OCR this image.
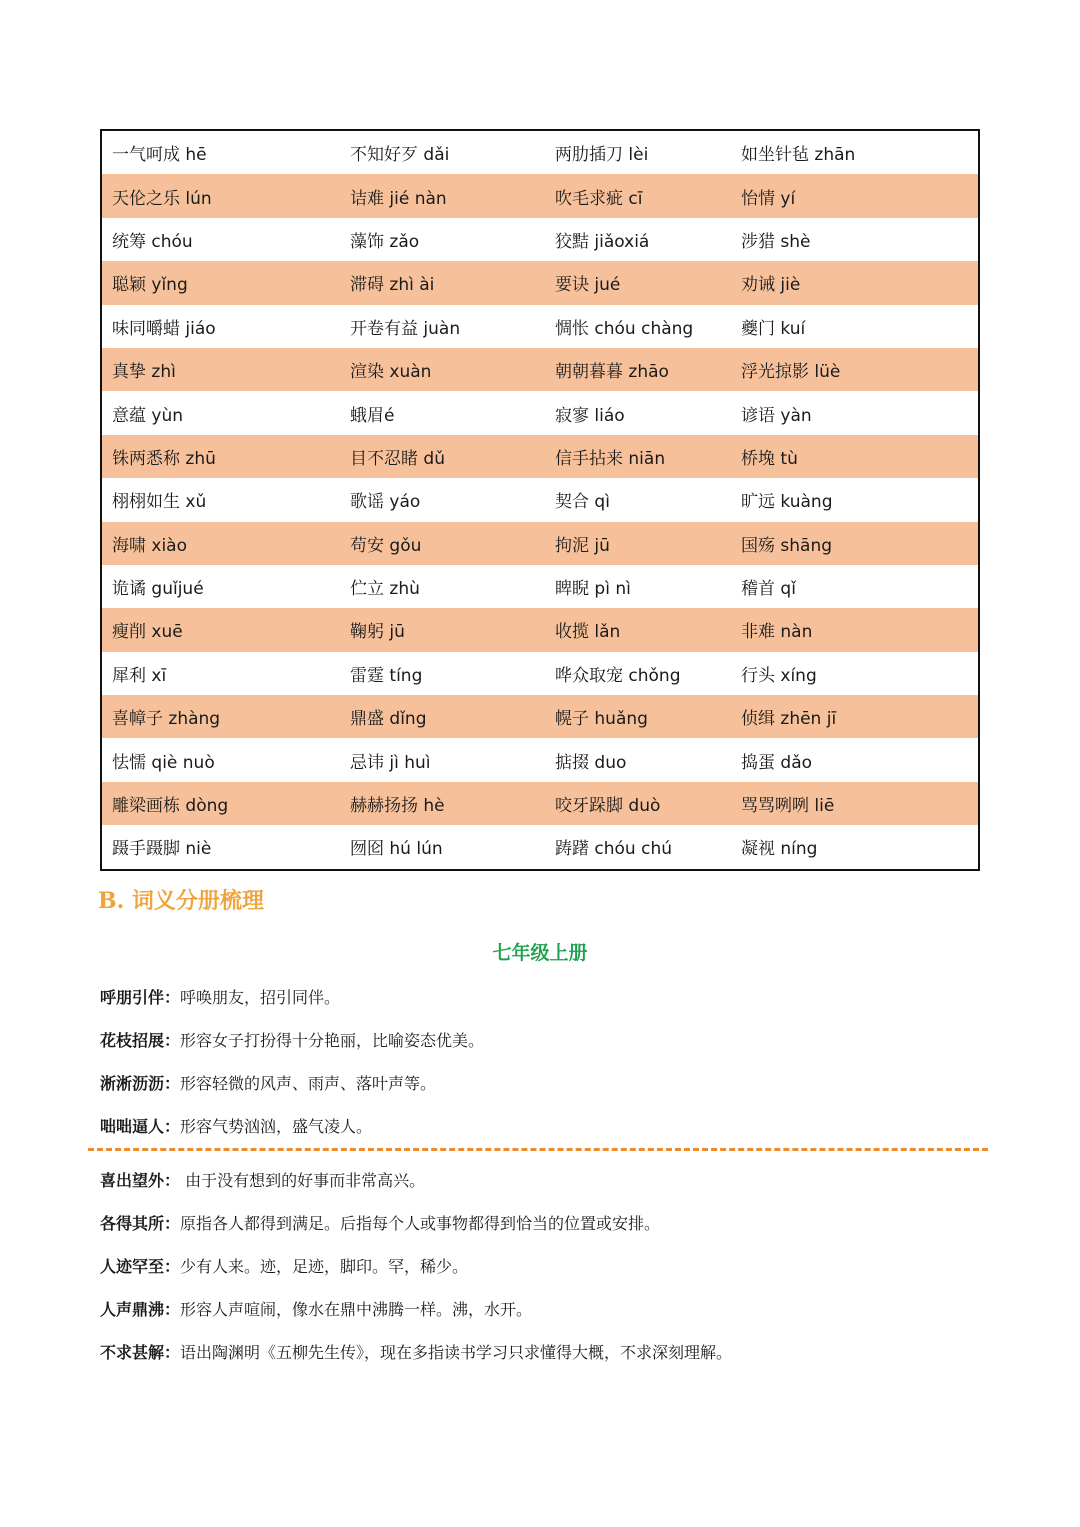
一气呵成 hē	不知好歹 dǎi	两肋插刀 lèi	如坐针毡 zhān
天伦之乐 lún	诘难 jié nàn	吹毛求疵 cī	怡情 yí
统筹 chóu	藻饰 zǎo	狡黠 jiǎoxiá	涉猎 shè
聪颖 yǐng	滞碍 zhì ài	要诀 jué	劝诫 jiè
味同嚼蜡 jiáo	开卷有益 juàn	惆怅 chóu chàng	夔门 kuí
真挚 zhì	渲染 xuàn	朝朝暮暮 zhāo	浮光掠影 lüè
意蕴 yùn	蛾眉é	寂寥 liáo	谚语 yàn
铢两悉称 zhū	目不忍睹 dǔ	信手拈来 niān	桥堍 tù
栩栩如生 xǔ	歌谣 yáo	契合 qì	旷远 kuàng
海啸 xiào	苟安 gǒu	拘泥 jū	国殇 shāng
诡谲 guǐjué	伫立 zhù	睥睨 pì nì	稽首 qǐ
瘦削 xuē	鞠躬 jū	收揽 lǎn	非难 nàn
犀利 xī	雷霆 tíng	哗众取宠 chǒng	行头 xíng
喜幛子 zhàng	鼎盛 dǐng	幌子 huǎng	侦缉 zhēn jī
怯懦 qiè nuò	忌讳 jì huì	掂掇 duo	捣蛋 dǎo
雕梁画栋 dòng	赫赫扬扬 hè	咬牙跺脚 duò	骂骂咧咧 liē
蹑手蹑脚 niè	囫囵 hú lún	踌躇 chóu chú	凝视 níng
B. 词义分册梳理
七年级上册
呼朋引伴：呼唤朋友，招引同伴。
花枝招展：形容女子打扮得十分艳丽，比喻姿态优美。
淅淅沥沥：形容轻微的风声、雨声、落叶声等。
咄咄逼人：形容气势汹汹，盛气凌人。
喜出望外： 由于没有想到的好事而非常高兴。
各得其所：原指各人都得到满足。后指每个人或事物都得到恰当的位置或安排。
人迹罕至：少有人来。迹，足迹，脚印。罕，稀少。
人声鼎沸：形容人声喧闹，像水在鼎中沸腾一样。沸，水开。
不求甚解：语出陶渊明《五柳先生传》，现在多指读书学习只求懂得大概，不求深刻理解。
